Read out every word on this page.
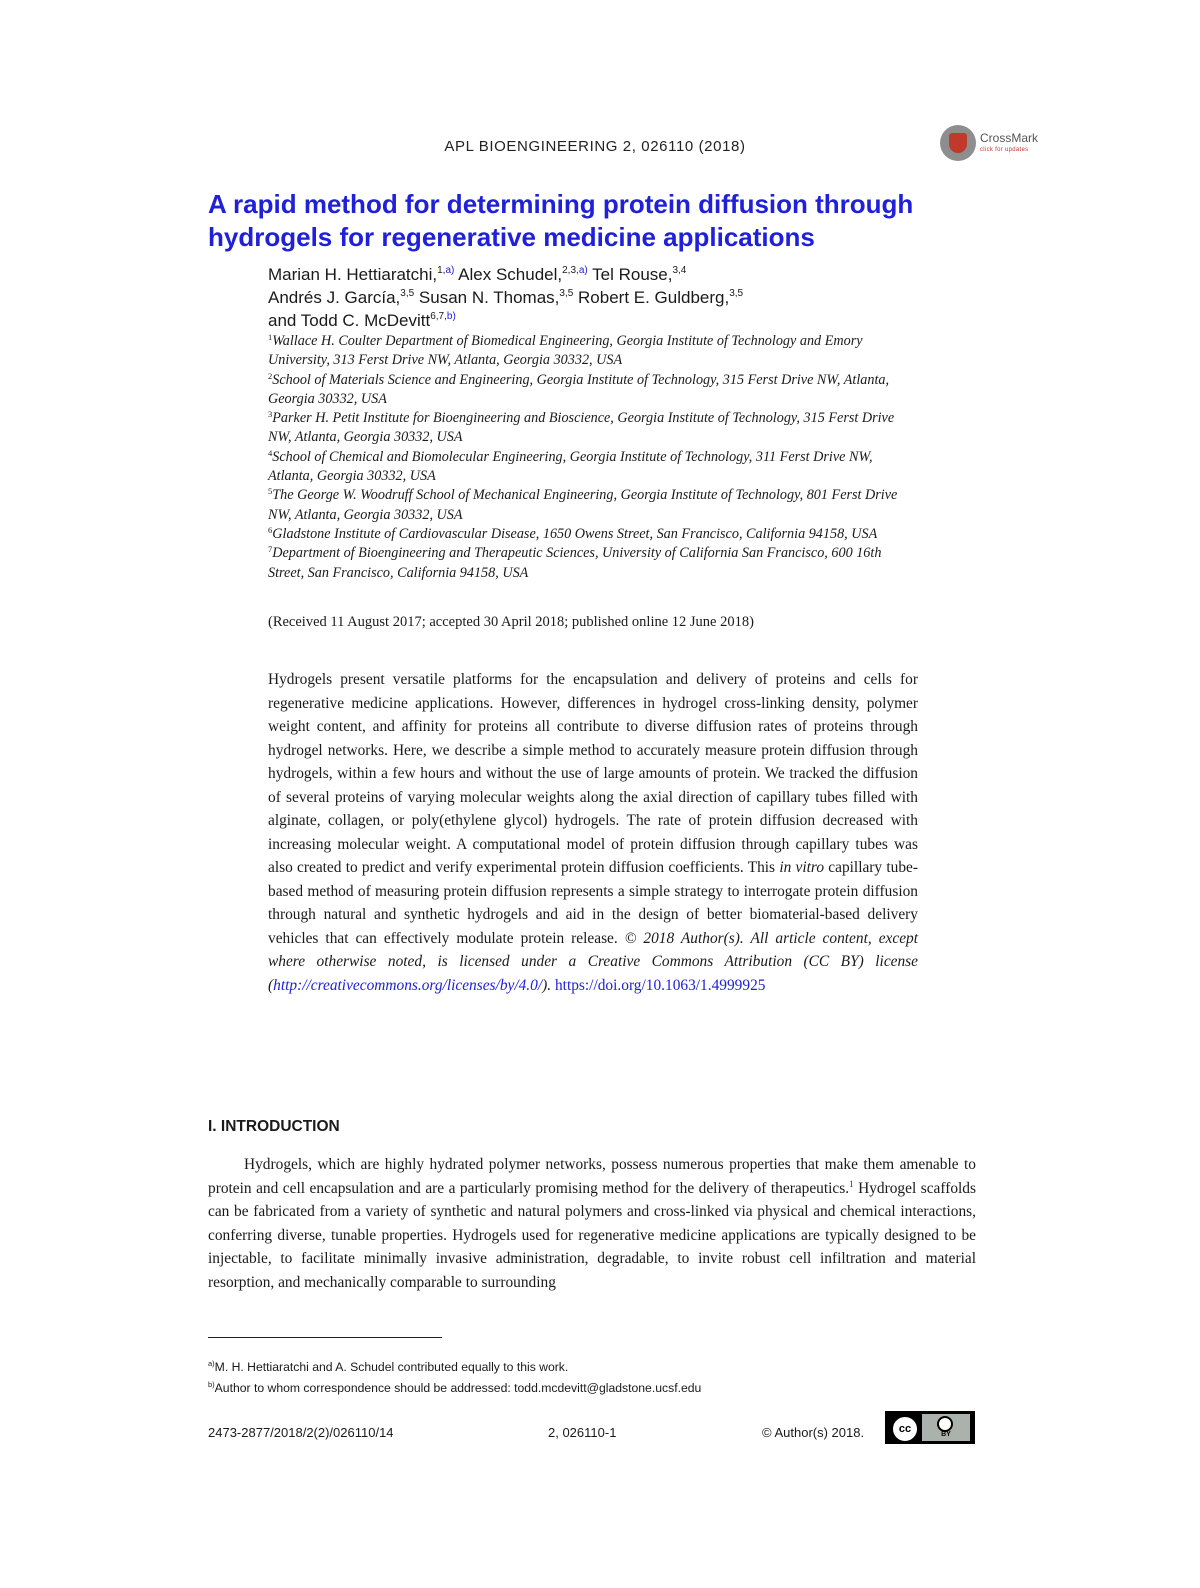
APL BIOENGINEERING 2, 026110 (2018)	CrossMark
click for updates
A rapid method for determining protein diffusion through hydrogels for regenerative medicine applications
Marian H. Hettiaratchi,$^{1,a)}$ Alex Schudel,$^{2,3,a)}$ Tel Rouse,$^{3,4}$
Andrés J. García,$^{3,5}$ Susan N. Thomas,$^{3,5}$ Robert E. Guldberg,$^{3,5}$
and Todd C. McDevitt$^{6,7,b)}$
$^1$Wallace H. Coulter Department of Biomedical Engineering, Georgia Institute of Technology and Emory University, 313 Ferst Drive NW, Atlanta, Georgia 30332, USA
$^2$School of Materials Science and Engineering, Georgia Institute of Technology, 315 Ferst Drive NW, Atlanta, Georgia 30332, USA
$^3$Parker H. Petit Institute for Bioengineering and Bioscience, Georgia Institute of Technology, 315 Ferst Drive NW, Atlanta, Georgia 30332, USA
$^4$School of Chemical and Biomolecular Engineering, Georgia Institute of Technology, 311 Ferst Drive NW, Atlanta, Georgia 30332, USA
$^5$The George W. Woodruff School of Mechanical Engineering, Georgia Institute of Technology, 801 Ferst Drive NW, Atlanta, Georgia 30332, USA
$^6$Gladstone Institute of Cardiovascular Disease, 1650 Owens Street, San Francisco, California 94158, USA
$^7$Department of Bioengineering and Therapeutic Sciences, University of California San Francisco, 600 16th Street, San Francisco, California 94158, USA
(Received 11 August 2017; accepted 30 April 2018; published online 12 June 2018)
Hydrogels present versatile platforms for the encapsulation and delivery of proteins and cells for regenerative medicine applications. However, differences in hydrogel cross-linking density, polymer weight content, and affinity for proteins all contribute to diverse diffusion rates of proteins through hydrogel networks. Here, we describe a simple method to accurately measure protein diffusion through hydrogels, within a few hours and without the use of large amounts of protein. We tracked the diffusion of several proteins of varying molecular weights along the axial direction of capillary tubes filled with alginate, collagen, or poly(ethylene glycol) hydrogels. The rate of protein diffusion decreased with increasing molecular weight. A computational model of protein diffusion through capillary tubes was also created to predict and verify experimental protein diffusion coefficients. This in vitro capillary tube-based method of measuring protein diffusion represents a simple strategy to interrogate protein diffusion through natural and synthetic hydrogels and aid in the design of better biomaterial-based delivery vehicles that can effectively modulate protein release. © 2018 Author(s). All article content, except where otherwise noted, is licensed under a Creative Commons Attribution (CC BY) license (http://creativecommons.org/licenses/by/4.0/). https://doi.org/10.1063/1.4999925
I. INTRODUCTION
Hydrogels, which are highly hydrated polymer networks, possess numerous properties that make them amenable to protein and cell encapsulation and are a particularly promising method for the delivery of therapeutics.$^1$ Hydrogel scaffolds can be fabricated from a variety of synthetic and natural polymers and cross-linked via physical and chemical interactions, conferring diverse, tunable properties. Hydrogels used for regenerative medicine applications are typically designed to be injectable, to facilitate minimally invasive administration, degradable, to invite robust cell infiltration and material resorption, and mechanically comparable to surrounding
$^{a)}$M. H. Hettiaratchi and A. Schudel contributed equally to this work.
$^{b)}$Author to whom correspondence should be addressed: todd.mcdevitt@gladstone.ucsf.edu
2473-2877/2018/2(2)/026110/14	2, 026110-1	© Author(s) 2018.	cc	BY
